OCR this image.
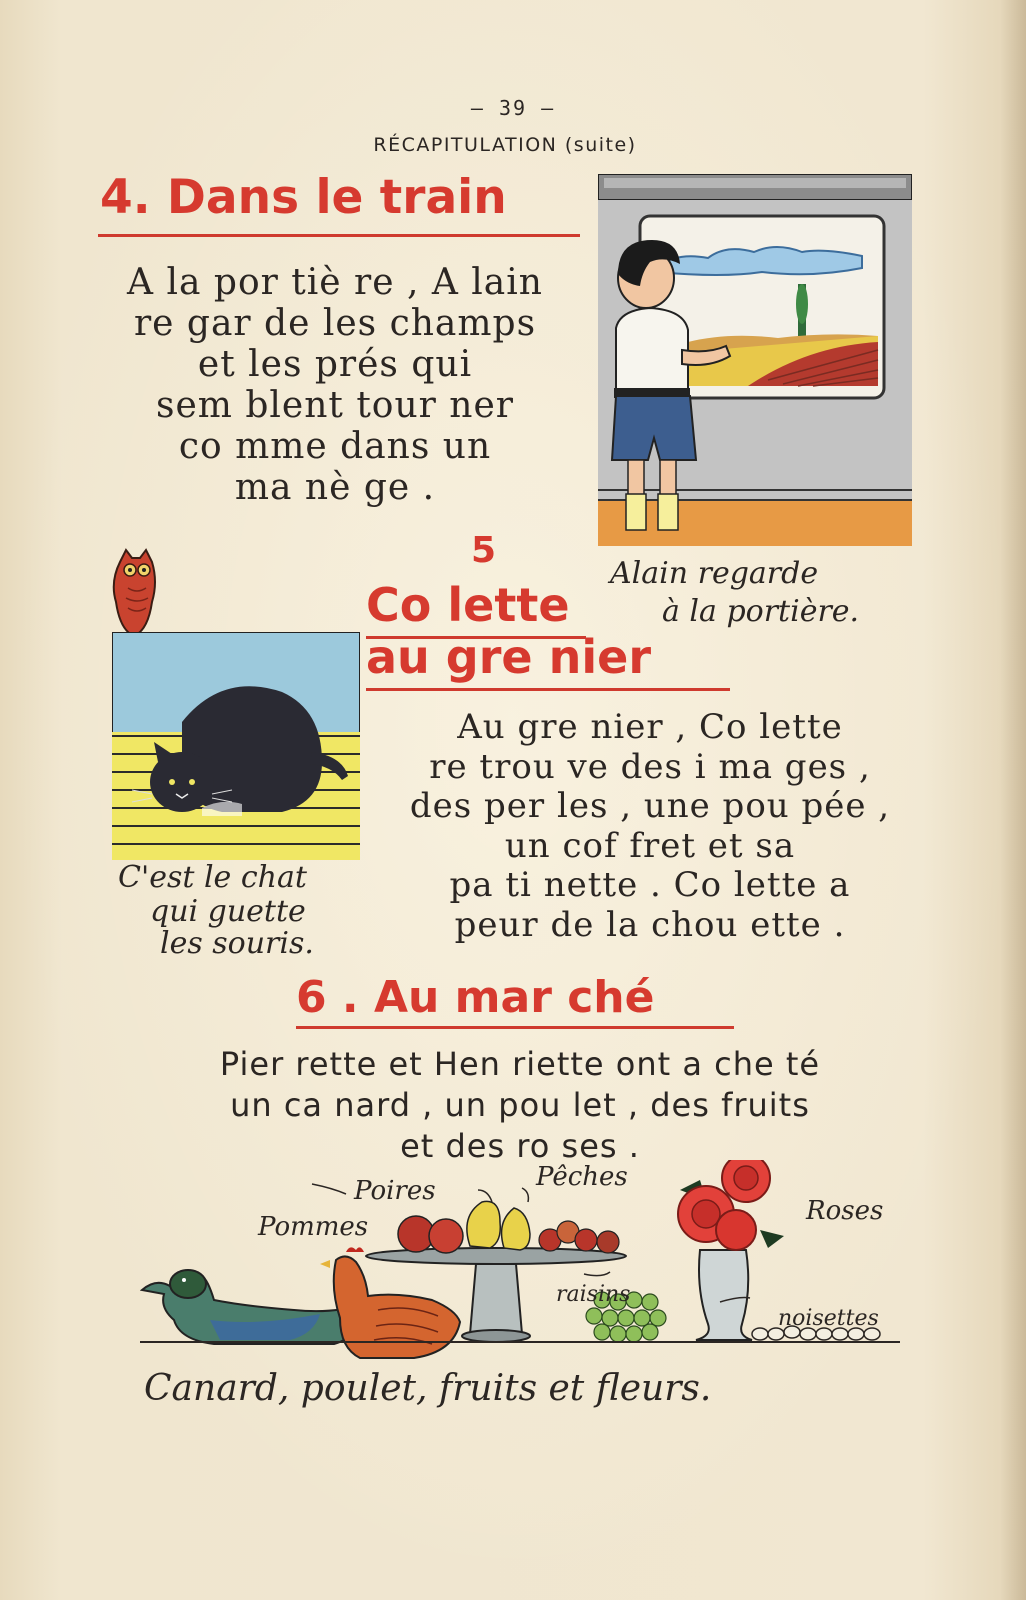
— 39 —
RÉCAPITULATION (suite)
4. Dans le train
A la por tiè re , A lain
re gar de les champs
et les prés qui
sem blent tour ner
co mme dans un
ma nè ge .
Alain regarde
à la portière.
5
Co lette
au gre nier
C'est le chat
qui guette
les souris.
Au gre nier , Co lette
re trou ve des i ma ges ,
des per les , une pou pée ,
un cof fret et sa
pa ti nette . Co lette a
peur de la chou ette .
6 . Au mar ché
Pier rette et Hen riette ont a che té
un ca nard , un pou let , des fruits
et des ro ses .
Poires	Pêches
Pommes
Roses
raisins
noisettes
Canard, poulet, fruits et fleurs.
